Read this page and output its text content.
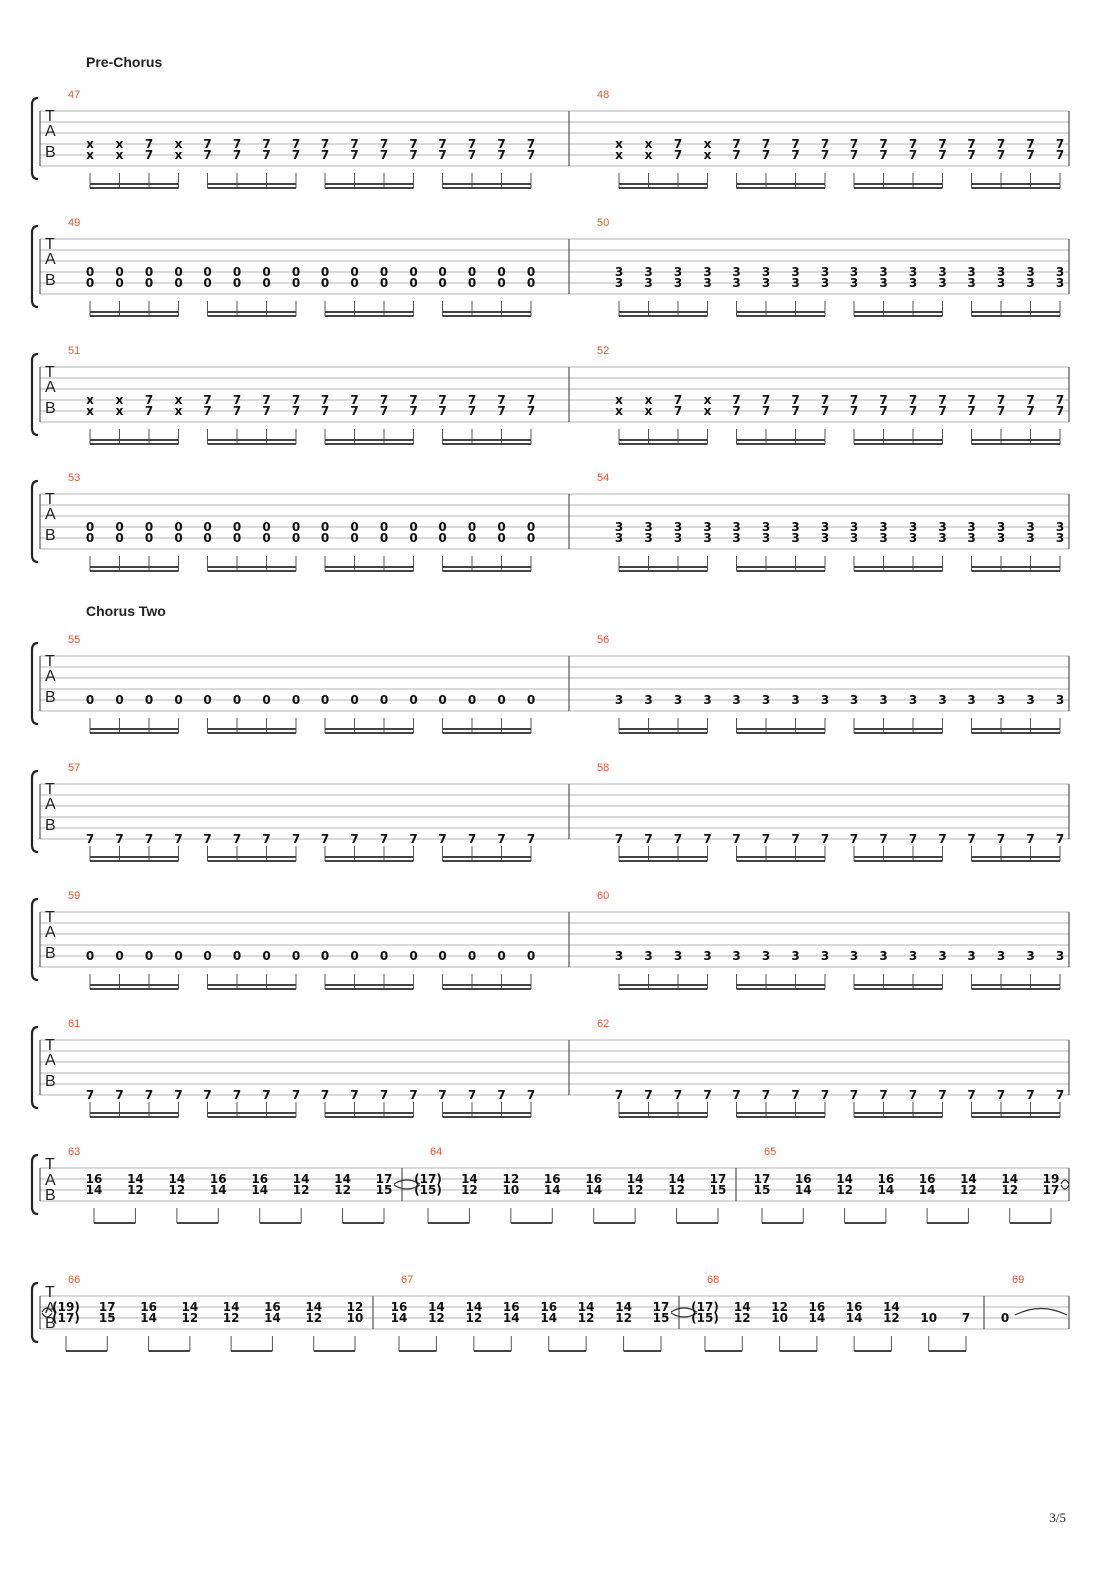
Pre-Chorus
T
A
B
47
x
x
x
x
7
7
x
x
7
7
7
7
7
7
7
7
7
7
7
7
7
7
7
7
7
7
7
7
7
7
7
7
48
x
x
x
x
7
7
x
x
7
7
7
7
7
7
7
7
7
7
7
7
7
7
7
7
7
7
7
7
7
7
7
7
T
A
B
49
0
0
0
0
0
0
0
0
0
0
0
0
0
0
0
0
0
0
0
0
0
0
0
0
0
0
0
0
0
0
0
0
50
3
3
3
3
3
3
3
3
3
3
3
3
3
3
3
3
3
3
3
3
3
3
3
3
3
3
3
3
3
3
3
3
T
A
B
51
x
x
x
x
7
7
x
x
7
7
7
7
7
7
7
7
7
7
7
7
7
7
7
7
7
7
7
7
7
7
7
7
52
x
x
x
x
7
7
x
x
7
7
7
7
7
7
7
7
7
7
7
7
7
7
7
7
7
7
7
7
7
7
7
7
T
A
B
53
0
0
0
0
0
0
0
0
0
0
0
0
0
0
0
0
0
0
0
0
0
0
0
0
0
0
0
0
0
0
0
0
54
3
3
3
3
3
3
3
3
3
3
3
3
3
3
3
3
3
3
3
3
3
3
3
3
3
3
3
3
3
3
3
3
Chorus Two
T
A
B
55
0 0 0 0 0 0 0 0 0 0 0 0 0 0 0 0
56
3 3 3 3 3 3 3 3 3 3 3 3 3 3 3 3
T
A
B
57
7 7 7 7 7 7 7 7 7 7 7 7 7 7 7 7
58
7 7 7 7 7 7 7 7 7 7 7 7 7 7 7 7
T
A
B
59
0 0 0 0 0 0 0 0 0 0 0 0 0 0 0 0
60
3 3 3 3 3 3 3 3 3 3 3 3 3 3 3 3
T
A
B
61
7 7 7 7 7 7 7 7 7 7 7 7 7 7 7 7
62
7 7 7 7 7 7 7 7 7 7 7 7 7 7 7 7
T
A
B
63
16
14
14
12
14
12
16
14
16
14
14
12
14
12
17
15
64
(17)
(15)
14
12
12
10
16
14
16
14
14
12
14
12
17
15
65
17
15
16
14
14
12
16
14
16
14
14
12
14
12
19
17
T
A
B
66
(19)
(17)
17
15
16
14
14
12
14
12
16
14
14
12
12
10
67
16
14
14
12
14
12
16
14
16
14
14
12
14
12
17
15
68
(17)
(15)
14
12
12
10
16
14
16
14
14
12 10 7
69
0
3/5
